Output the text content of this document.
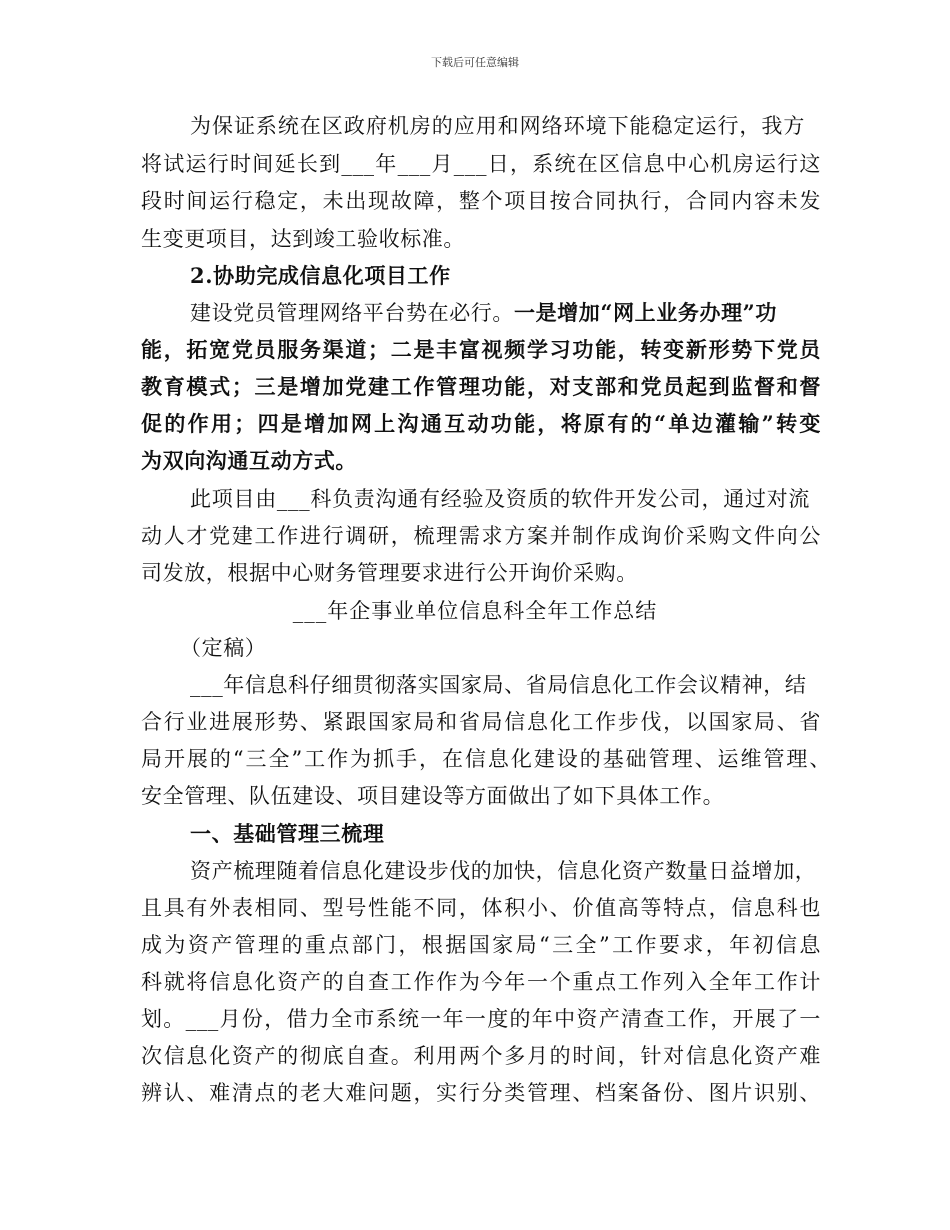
下载后可任意编辑
为保证系统在区政府机房的应用和网络环境下能稳定运行，我方
将试运行时间延长到___年___月___日，系统在区信息中心机房运行这
段时间运行稳定，未出现故障，整个项目按合同执行，合同内容未发
生变更项目，达到竣工验收标准。
2.协助完成信息化项目工作
建设党员管理网络平台势在必行。一是增加“网上业务办理”功
能，拓宽党员服务渠道；二是丰富视频学习功能，转变新形势下党员
教育模式；三是增加党建工作管理功能，对支部和党员起到监督和督
促的作用；四是增加网上沟通互动功能，将原有的“单边灌输”转变
为双向沟通互动方式。
此项目由___科负责沟通有经验及资质的软件开发公司，通过对流
动人才党建工作进行调研，梳理需求方案并制作成询价采购文件向公
司发放，根据中心财务管理要求进行公开询价采购。
___年企事业单位信息科全年工作总结
（定稿）
___年信息科仔细贯彻落实国家局、省局信息化工作会议精神，结
合行业进展形势、紧跟国家局和省局信息化工作步伐，以国家局、省
局开展的“三全”工作为抓手，在信息化建设的基础管理、运维管理、
安全管理、队伍建设、项目建设等方面做出了如下具体工作。
一、基础管理三梳理
资产梳理随着信息化建设步伐的加快，信息化资产数量日益增加，
且具有外表相同、型号性能不同，体积小、价值高等特点，信息科也
成为资产管理的重点部门，根据国家局“三全”工作要求，年初信息
科就将信息化资产的自查工作作为今年一个重点工作列入全年工作计
划。___月份，借力全市系统一年一度的年中资产清查工作，开展了一
次信息化资产的彻底自查。利用两个多月的时间，针对信息化资产难
辨认、难清点的老大难问题，实行分类管理、档案备份、图片识别、
